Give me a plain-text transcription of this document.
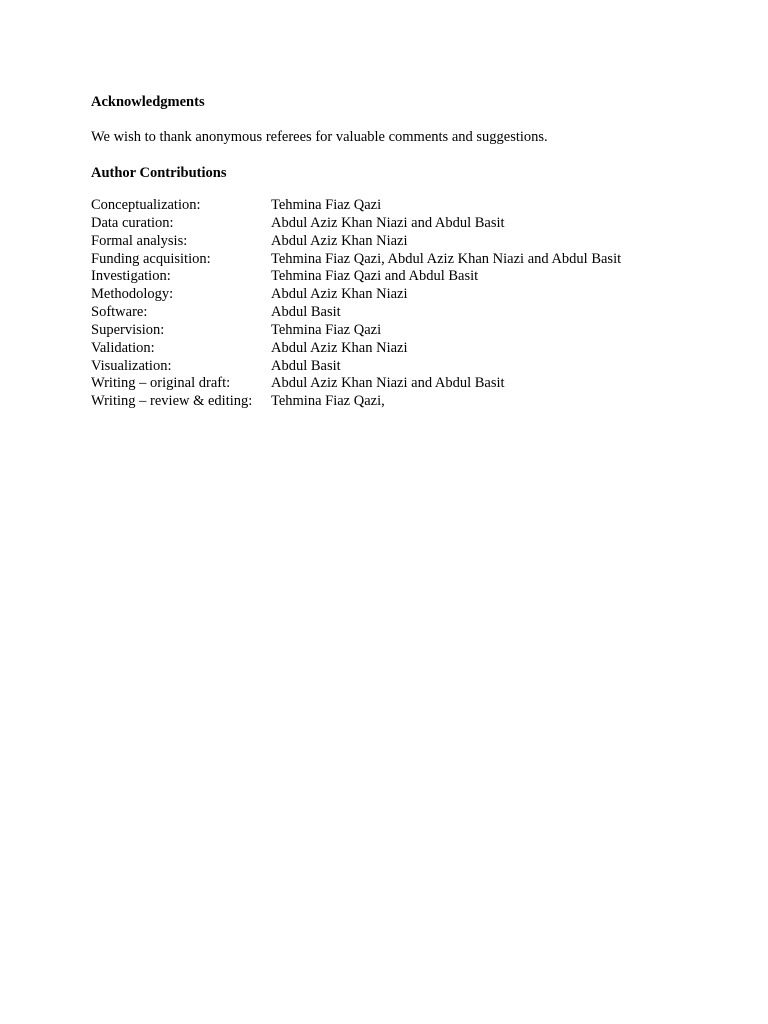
Acknowledgments
We wish to thank anonymous referees for valuable comments and suggestions.
Author Contributions
Conceptualization:	Tehmina Fiaz Qazi
Data curation:	Abdul Aziz Khan Niazi and Abdul Basit
Formal analysis:	Abdul Aziz Khan Niazi
Funding acquisition:	Tehmina Fiaz Qazi, Abdul Aziz Khan Niazi and Abdul Basit
Investigation:	Tehmina Fiaz Qazi and Abdul Basit
Methodology:	Abdul Aziz Khan Niazi
Software:	Abdul Basit
Supervision:	Tehmina Fiaz Qazi
Validation:	Abdul Aziz Khan Niazi
Visualization:	Abdul Basit
Writing – original draft:	Abdul Aziz Khan Niazi and Abdul Basit
Writing – review & editing:	Tehmina Fiaz Qazi,
